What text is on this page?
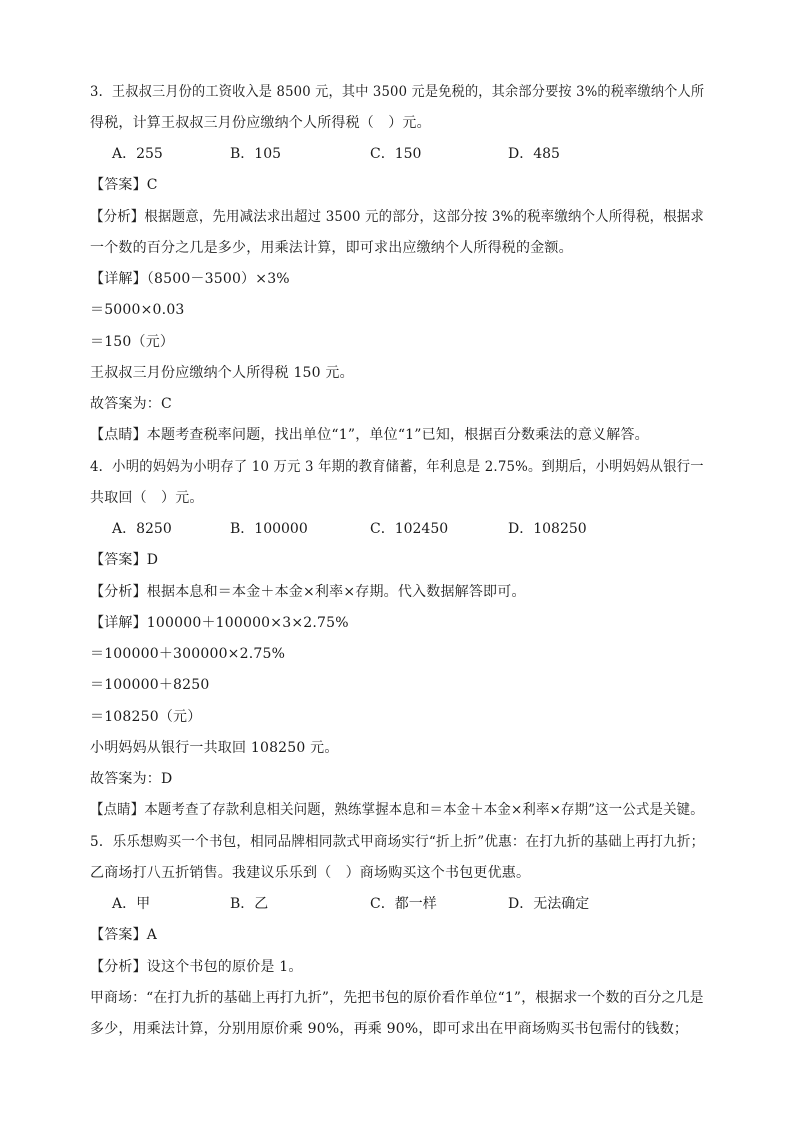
3．王叔叔三月份的工资收入是 8500 元，其中 3500 元是免税的，其余部分要按 3%的税率缴纳个人所
得税，计算王叔叔三月份应缴纳个人所得税（　）元。
A．255	B．105	C．150	D．485
【答案】C
【分析】根据题意，先用减法求出超过 3500 元的部分，这部分按 3%的税率缴纳个人所得税，根据求
一个数的百分之几是多少，用乘法计算，即可求出应缴纳个人所得税的金额。
【详解】（8500－3500）×3%
＝5000×0.03
＝150（元）
王叔叔三月份应缴纳个人所得税 150 元。
故答案为：C
【点睛】本题考查税率问题，找出单位“1”，单位“1”已知，根据百分数乘法的意义解答。
4．小明的妈妈为小明存了 10 万元 3 年期的教育储蓄，年利息是 2.75%。到期后，小明妈妈从银行一
共取回（　）元。
A．8250	B．100000	C．102450	D．108250
【答案】D
【分析】根据本息和＝本金＋本金×利率×存期。代入数据解答即可。
【详解】100000＋100000×3×2.75%
＝100000＋300000×2.75%
＝100000＋8250
＝108250（元）
小明妈妈从银行一共取回 108250 元。
故答案为：D
【点睛】本题考查了存款利息相关问题，熟练掌握本息和＝本金＋本金×利率×存期”这一公式是关键。
5．乐乐想购买一个书包，相同品牌相同款式甲商场实行“折上折”优惠：在打九折的基础上再打九折；
乙商场打八五折销售。我建议乐乐到（　）商场购买这个书包更优惠。
A．甲	B．乙	C．都一样	D．无法确定
【答案】A
【分析】设这个书包的原价是 1。
甲商场：“在打九折的基础上再打九折”，先把书包的原价看作单位“1”，根据求一个数的百分之几是
多少，用乘法计算，分别用原价乘 90%，再乘 90%，即可求出在甲商场购买书包需付的钱数；
